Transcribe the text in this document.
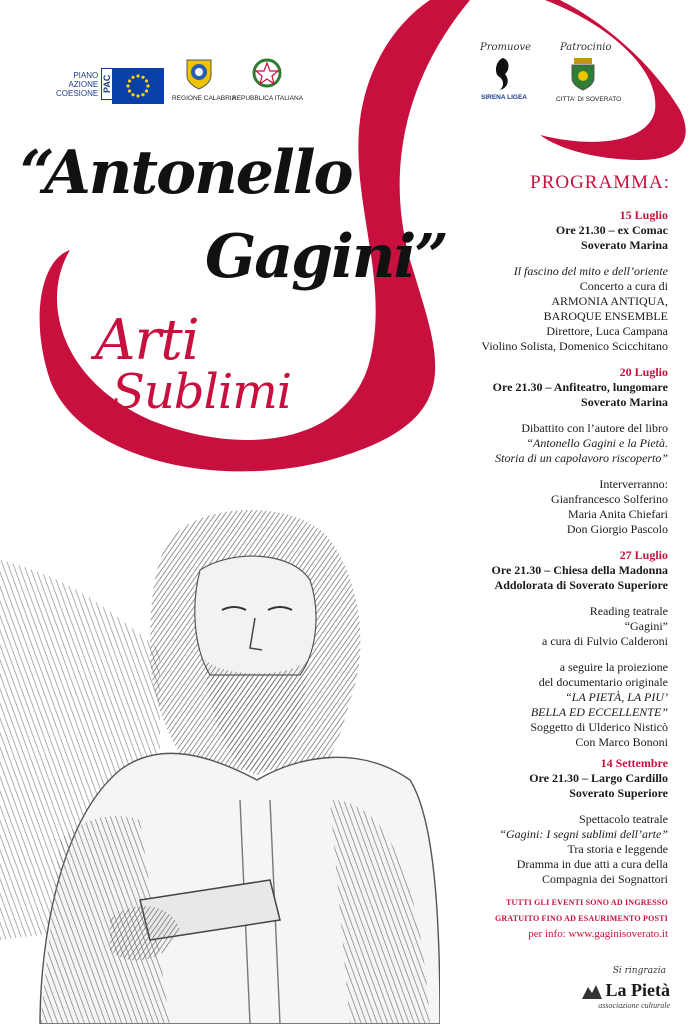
PIANO
AZIONE
COESIONE PAC
REGIONE CALABRIA
REPUBBLICA ITALIANA
Promuove
SIRENA LIGEA
Patrocinio
CITTA' DI SOVERATO
“Antonello
Gagini”
Arti
Sublimi
PROGRAMMA:
15 Luglio
Ore 21.30 – ex Comac
Soverato Marina
Il fascino del mito e dell’oriente
Concerto a cura di
ARMONIA ANTIQUA,
BAROQUE ENSEMBLE
Direttore, Luca Campana
Violino Solista, Domenico Scicchitano
20 Luglio
Ore 21.30 – Anfiteatro, lungomare
Soverato Marina
Dibattito con l’autore del libro
“Antonello Gagini e la Pietà.
Storia di un capolavoro riscoperto”
Interverranno:
Gianfrancesco Solferino
Maria Anita Chiefari
Don Giorgio Pascolo
27 Luglio
Ore 21.30 – Chiesa della Madonna
Addolorata di Soverato Superiore
Reading teatrale
“Gagini”
a cura di Fulvio Calderoni
a seguire la proiezione
del documentario originale
“LA PIETÀ, LA PIU’
BELLA ED ECCELLENTE”
Soggetto di Ulderico Nisticò
Con Marco Bononi
14 Settembre
Ore 21.30 – Largo Cardillo
Soverato Superiore
Spettacolo teatrale
“Gagini: I segni sublimi dell’arte”
Tra storia e leggende
Dramma in due atti a cura della
Compagnia dei Sognattori
TUTTI GLI EVENTI SONO AD INGRESSO
GRATUITO FINO AD ESAURIMENTO POSTI
per info: www.gaginisoverato.it
Si ringrazia
La Pietà
associazione culturale
